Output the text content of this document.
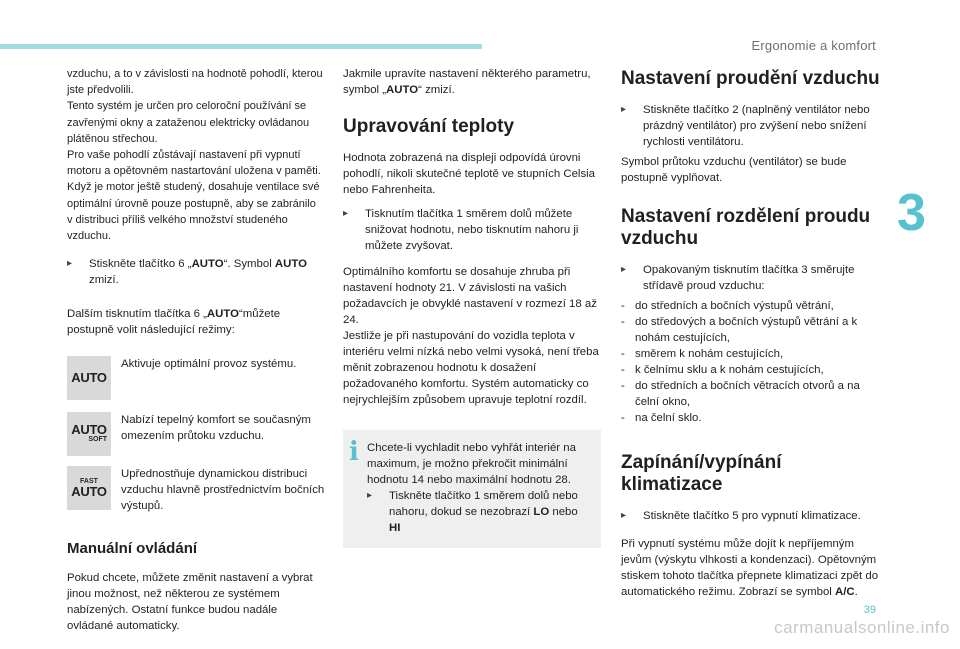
Ergonomie a komfort
3
vzduchu, a to v závislosti na hodnotě pohodlí, kterou
jste předvolili.
Tento systém je určen pro celoroční používání se
zavřenými okny a zataženou elektricky ovládanou
plátěnou střechou.
Pro vaše pohodlí zůstávají nastavení při vypnutí
motoru a opětovném nastartování uložena v paměti.
Když je motor ještě studený, dosahuje ventilace své
optimální úrovně pouze postupně, aby se zabránilo
v distribuci příliš velkého množství studeného
vzduchu.
▸ Stiskněte tlačítko 6 „AUTO“. Symbol AUTO zmizí.

Dalším tisknutím tlačítka 6 „AUTO“můžete postupně volit následující režimy:

AUTO
Aktivuje optimální provoz systému.
AUTO
SOFT
Nabízí tepelný komfort se současným omezením průtoku vzduchu.
FAST
AUTO
Upřednostňuje dynamickou distribuci vzduchu hlavně prostřednictvím bočních výstupů.
Manuální ovládání

Pokud chcete, můžete změnit nastavení a vybrat jinou možnost, než některou ze systémem nabízených. Ostatní funkce budou nadále ovládané automaticky.

Jakmile upravíte nastavení některého parametru, symbol „AUTO“ zmizí.

Upravování teploty

Hodnota zobrazená na displeji odpovídá úrovni pohodlí, nikoli skutečné teplotě ve stupních Celsia nebo Fahrenheita.

▸ Tisknutím tlačítka 1 směrem dolů můžete snižovat hodnotu, nebo tisknutím nahoru ji můžete zvyšovat.

Optimálního komfortu se dosahuje zhruba při nastavení hodnoty 21. V závislosti na vašich požadavcích je obvyklé nastavení v rozmezí 18 až 24.

Jestliže je při nastupování do vozidla teplota v interiéru velmi nízká nebo velmi vysoká, není třeba měnit zobrazenou hodnotu k dosažení požadovaného komfortu. Systém automaticky co nejrychlejším způsobem upravuje teplotní rozdíl.

i Chcete-li vychladit nebo vyhřát interiér na maximum, je možno překročit minimální hodnotu 14 nebo maximální hodnotu 28.
▸ Tiskněte tlačítko 1 směrem dolů nebo nahoru, dokud se nezobrazí LO nebo HI
Nastavení proudění vzduchu
▸ Stiskněte tlačítko 2 (naplněný ventilátor nebo prázdný ventilátor) pro zvýšení nebo snížení rychlosti ventilátoru.

Symbol průtoku vzduchu (ventilátor) se bude postupně vyplňovat.

Nastavení rozdělení proudu vzduchu
▸ Opakovaným tisknutím tlačítka 3 směrujte střídavě proud vzduchu:
- do středních a bočních výstupů větrání,
- do středových a bočních výstupů větrání a k nohám cestujících,
- směrem k nohám cestujících,
- k čelnímu sklu a k nohám cestujících,
- do středních a bočních větracích otvorů a na čelní okno,
- na čelní sklo.
Zapínání/vypínání klimatizace
▸ Stiskněte tlačítko 5 pro vypnutí klimatizace.

Při vypnutí systému může dojít k nepříjemným jevům (výskytu vlhkosti a kondenzaci). Opětovným stiskem tohoto tlačítka přepnete klimatizaci zpět do automatického režimu. Zobrazí se symbol A/C.

39
carmanualsonline.info
